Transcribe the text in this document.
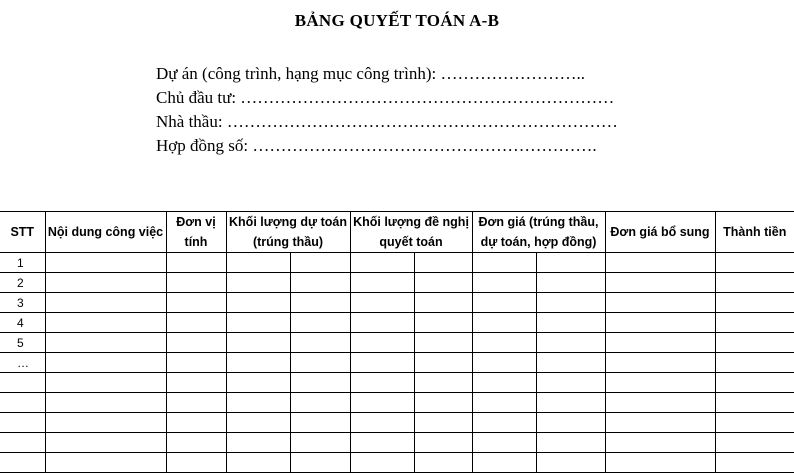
BẢNG QUYẾT TOÁN A-B
Dự án (công trình, hạng mục công trình): ……………………..
Chủ đầu tư: …………………………………………………………
Nhà thầu: ……………………………………………………………
Hợp đồng số: …………………………………………………….
STT	Nội dung công việc	Đơn vị tính	Khối lượng dự toán (trúng thầu)		Khối lượng đề nghị quyết toán		Đơn giá (trúng thầu, dự toán, hợp đồng)		Đơn giá bổ sung	Thành tiền
1										
2										
3										
4										
5										
…										
